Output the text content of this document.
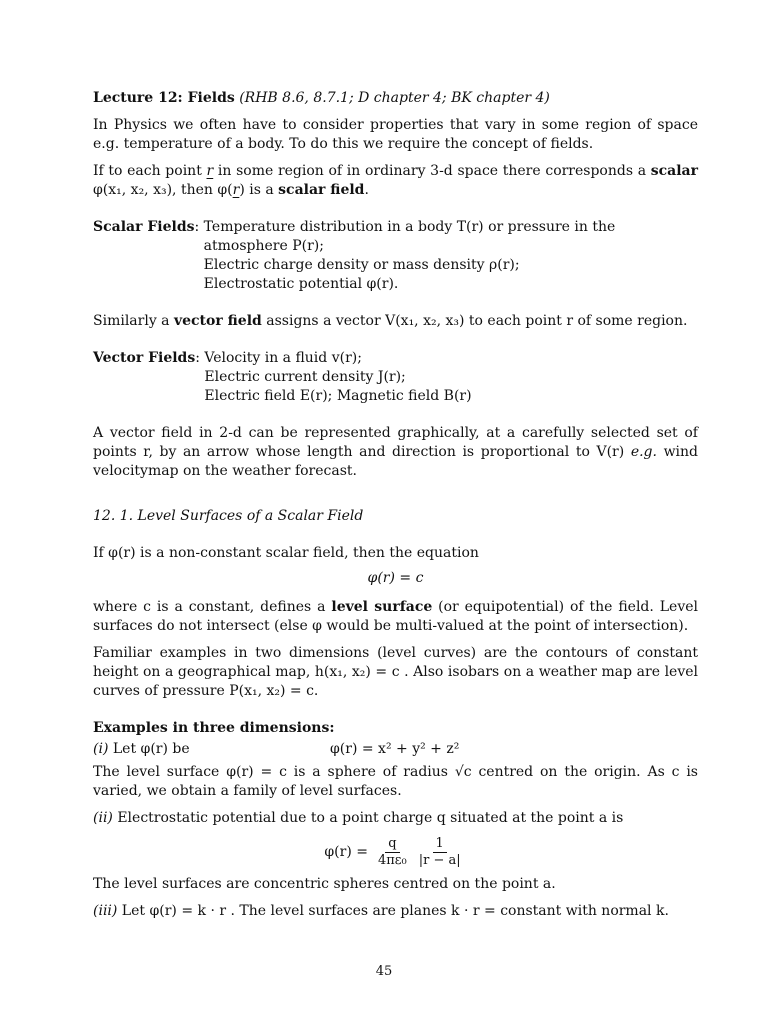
Lecture 12: Fields (RHB 8.6, 8.7.1; D chapter 4; BK chapter 4)

In Physics we often have to consider properties that vary in some region of space e.g. temperature of a body. To do this we require the concept of fields.

If to each point r in some region of in ordinary 3-d space there corresponds a scalar φ(x₁, x₂, x₃), then φ(r) is a scalar field.

Scalar Fields : Temperature distribution in a body T(r) or pressure in the atmosphere P(r);
Electric charge density or mass density ρ(r);
Electrostatic potential φ(r).

Similarly a vector field assigns a vector V(x₁, x₂, x₃) to each point r of some region.

Vector Fields : Velocity in a fluid v(r);
Electric current density J(r);
Electric field E(r); Magnetic field B(r)

A vector field in 2-d can be represented graphically, at a carefully selected set of points r, by an arrow whose length and direction is proportional to V(r) e.g. wind velocitymap on the weather forecast.

12. 1. Level Surfaces of a Scalar Field

If φ(r) is a non-constant scalar field, then the equation

φ(r) = c

where c is a constant, defines a level surface (or equipotential) of the field. Level surfaces do not intersect (else φ would be multi-valued at the point of intersection).

Familiar examples in two dimensions (level curves) are the contours of constant height on a geographical map, h(x₁, x₂) = c . Also isobars on a weather map are level curves of pressure P(x₁, x₂) = c.

Examples in three dimensions:

(i) Let φ(r) be	φ(r) = x² + y² + z²

The level surface φ(r) = c is a sphere of radius √c centred on the origin. As c is varied, we obtain a family of level surfaces.

(ii) Electrostatic potential due to a point charge q situated at the point a is

$\varphi(r) = \frac{q}{\text{4πε₀}} \frac{1}{|r - a|}$

The level surfaces are concentric spheres centred on the point a.

(iii) Let φ(r) = k · r . The level surfaces are planes k · r = constant with normal k.

45
